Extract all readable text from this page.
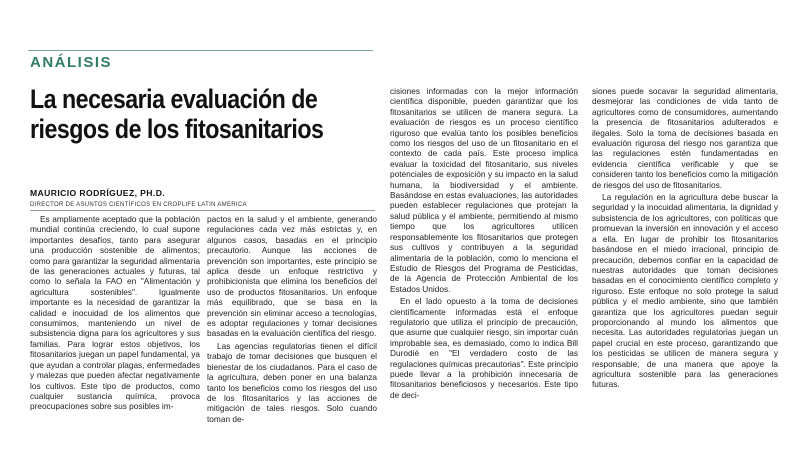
ANÁLISIS
La necesaria evaluación de riesgos de los fitosanitarios
MAURICIO RODRÍGUEZ, PH.D.
DIRECTOR DE ASUNTOS CIENTÍFICOS EN CROPLIFE LATIN AMERICA

Es ampliamente aceptado que la población mundial continúa creciendo, lo cual supone importantes desafíos, tanto para asegurar una producción sostenible de alimentos; como para garantizar la seguridad alimentaria de las generaciones actuales y futuras, tal como lo señala la FAO en "Alimentación y agricultura sostenibles". Igualmente importante es la necesidad de garantizar la calidad e inocuidad de los alimentos que consumimos, manteniendo un nivel de subsistencia digna para los agricultores y sus familias. Para lograr estos objetivos, los fitosanitarios juegan un papel fundamental, ya que ayudan a controlar plagas, enfermedades y malezas que pueden afectar negativamente los cultivos. Este tipo de productos, como cualquier sustancia química, provoca preocupaciones sobre sus posibles im-

pactos en la salud y el ambiente, generando regulaciones cada vez más estrictas y, en algunos casos, basadas en el principio precautorio. Aunque las acciones de prevención son importantes, este principio se aplica desde un enfoque restrictivo y prohibicionista que elimina los beneficios del uso de productos fitosanitarios. Un enfoque más equilibrado, que se basa en la prevención sin eliminar acceso a tecnologías, es adoptar regulaciones y tomar decisiones basadas en la evaluación científica del riesgo.

Las agencias regulatorias tienen el difícil trabajo de tomar decisiones que busquen el bienestar de los ciudadanos. Para el caso de la agricultura, deben poner en una balanza tanto los beneficios como los riesgos del uso de los fitosanitarios y las acciones de mitigación de tales riesgos. Solo cuando toman de-

cisiones informadas con la mejor información científica disponible, pueden garantizar que los fitosanitarios se utilicen de manera segura. La evaluación de riesgos es un proceso científico riguroso que evalúa tanto los posibles beneficios como los riesgos del uso de un fitosanitario en el contexto de cada país. Este proceso implica evaluar la toxicidad del fitosanitario, sus niveles potenciales de exposición y su impacto en la salud humana, la biodiversidad y el ambiente. Basándose en estas evaluaciones, las autoridades pueden establecer regulaciones que protejan la salud pública y el ambiente, permitiendo al mismo tiempo que los agricultores utilicen responsablemente los fitosanitarios que protegen sus cultivos y contribuyen a la seguridad alimentaria de la población, como lo menciona el Estudio de Riesgos del Programa de Pesticidas, de la Agencia de Protección Ambiental de los Estados Unidos.

En el lado opuesto a la toma de decisiones científicamente informadas está el enfoque regulatorio que utiliza el principio de precaución, que asume que cualquier riesgo, sin importar cuán improbable sea, es demasiado, como lo indica Bill Durodié en "El verdadero costo de las regulaciones químicas precautorias". Este principio puede llevar a la prohibición innecesaria de fitosanitarios beneficiosos y necesarios. Este tipo de deci-

siones puede socavar la seguridad alimentaria, desmejorar las condiciones de vida tanto de agricultores como de consumidores, aumentando la presencia de fitosanitarios adulterados e ilegales. Solo la toma de decisiones basada en evaluación rigurosa del riesgo nos garantiza que las regulaciones estén fundamentadas en evidencia científica verificable y que se consideren tanto los beneficios como la mitigación de riesgos del uso de fitosanitarios.

La regulación en la agricultura debe buscar la seguridad y la inocuidad alimentaria, la dignidad y subsistencia de los agricultores, con políticas que promuevan la inversión en innovación y el acceso a ella. En lugar de prohibir los fitosanitarios basándose en el miedo irracional, principio de precaución, debemos confiar en la capacidad de nuestras autoridades que toman decisiones basadas en el conocimiento científico completo y riguroso. Este enfoque no solo protege la salud pública y el medio ambiente, sino que también garantiza que los agricultores puedan seguir proporcionando al mundo los alimentos que necesita. Las autoridades regulatorias juegan un papel crucial en este proceso, garantizando que los pesticidas se utilicen de manera segura y responsable, de una manera que apoye la agricultura sostenible para las generaciones futuras.
